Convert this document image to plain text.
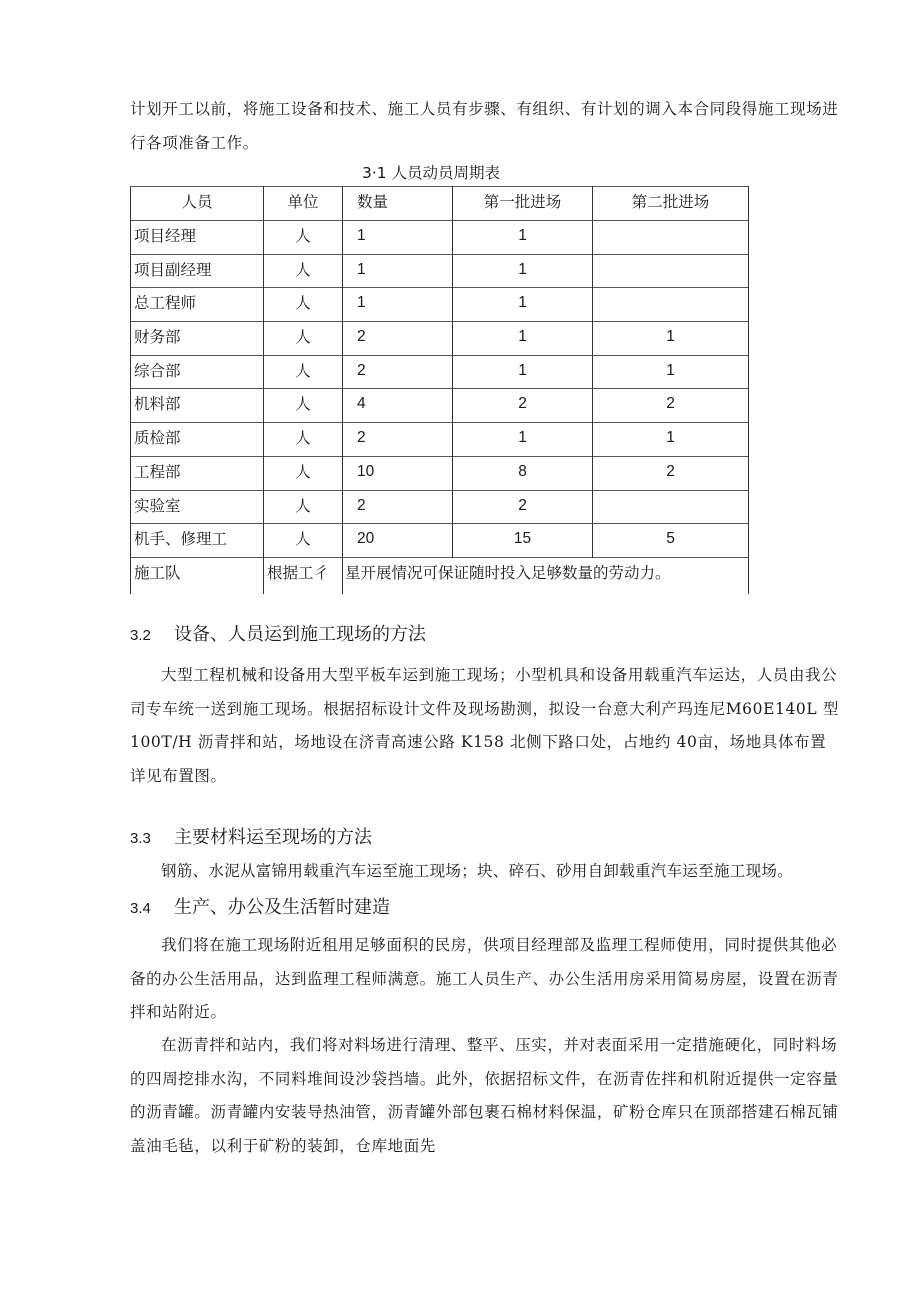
计划开工以前，将施工设备和技术、施工人员有步骤、有组织、有计划的调入本合同段得施工现场进行各项准备工作。

3·1 人员动员周期表
人员	单位	数量	第一批进场	第二批进场
项目经理	人	1	1	
项目副经理	人	1	1	
总工程师	人	1	1	
财务部	人	2	1	1
综合部	人	2	1	1
机料部	人	4	2	2
质检部	人	2	1	1
工程部	人	10	8	2
实验室	人	2	2	
机手、修理工	人	20	15	5
施工队	根据工彳	星开展情况可保证随时投入足够数量的劳动力。		
3.2 设备、人员运到施工现场的方法

大型工程机械和设备用大型平板车运到施工现场；小型机具和设备用载重汽车运达，人员由我公司专车统一送到施工现场。根据招标设计文件及现场勘测，拟设一台意大利产玛连尼M60E140L 型 100T/H 沥青拌和站，场地设在济青高速公路 K158 北侧下路口处，占地约 40亩，场地具体布置详见布置图。

3.3 主要材料运至现场的方法

钢筋、水泥从富锦用载重汽车运至施工现场；块、碎石、砂用自卸载重汽车运至施工现场。

3.4 生产、办公及生活暂时建造

我们将在施工现场附近租用足够面积的民房，供项目经理部及监理工程师使用，同时提供其他必备的办公生活用品，达到监理工程师满意。施工人员生产、办公生活用房采用简易房屋，设置在沥青拌和站附近。

在沥青拌和站内，我们将对料场进行清理、整平、压实，并对表面采用一定措施硬化，同时料场的四周挖排水沟，不同料堆间设沙袋挡墙。此外，依据招标文件，在沥青佐拌和机附近提供一定容量的沥青罐。沥青罐内安装导热油管，沥青罐外部包裹石棉材料保温，矿粉仓库只在顶部搭建石棉瓦铺盖油毛毡，以利于矿粉的装卸，仓库地面先
